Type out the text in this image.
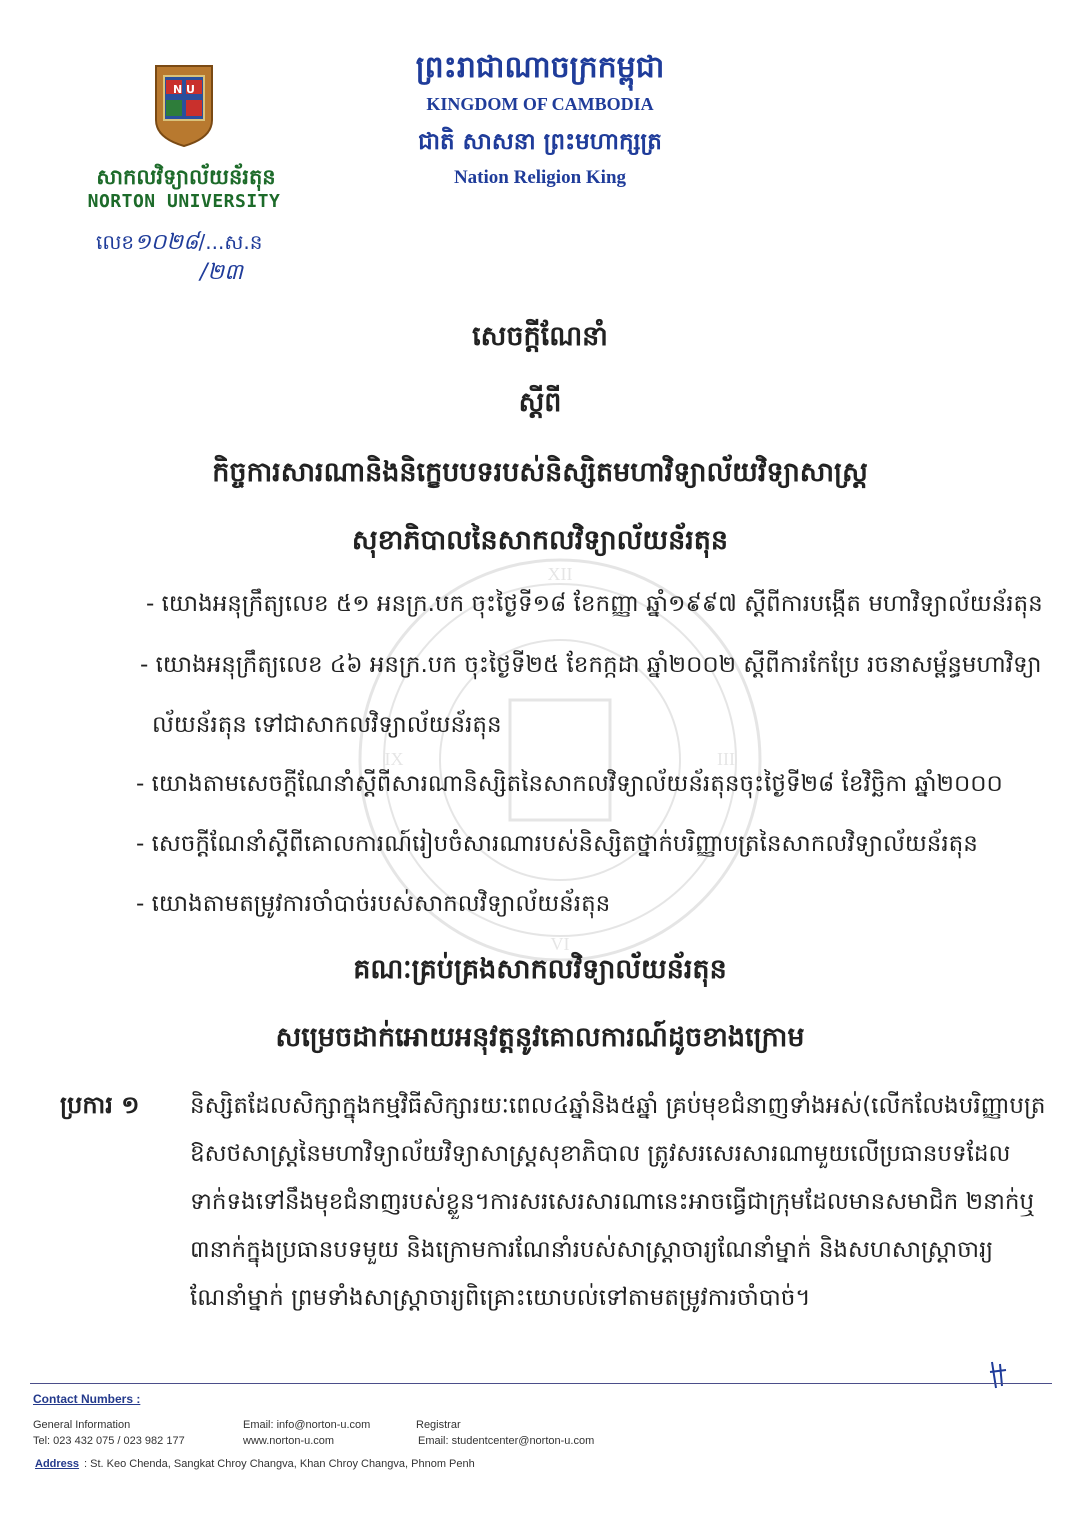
XII
VI
IX	III
N U
សាកលវិទ្យាល័យន័រតុន
NORTON UNIVERSITY
លេខ១០២៨/...ស.ន
/២៣
ព្រះរាជាណាចក្រកម្ពុជា
KINGDOM OF CAMBODIA
ជាតិ សាសនា ព្រះមហាក្សត្រ
Nation Religion King
សេចក្តីណែនាំ
ស្តីពី
កិច្ចការសារណានិងនិក្ខេបបទរបស់និស្សិតមហាវិទ្យាល័យវិទ្យាសាស្ត្រ
សុខាភិបាលនៃសាកលវិទ្យាល័យន័រតុន
- យោងអនុក្រឹត្យលេខ ៥១ អនក្រ.បក ចុះថ្ងៃទី១៨ ខែកញ្ញា ឆ្នាំ១៩៩៧ ស្តីពីការបង្កើត មហាវិទ្យាល័យន័រតុន
- យោងអនុក្រឹត្យលេខ ៤៦ អនក្រ.បក ចុះថ្ងៃទី២៥ ខែកក្កដា ឆ្នាំ២០០២ ស្តីពីការកែប្រែ រចនាសម្ព័ន្ធមហាវិទ្យា
ល័យន័រតុន ទៅជាសាកលវិទ្យាល័យន័រតុន
- យោងតាមសេចក្តីណែនាំស្តីពីសារណានិស្សិតនៃសាកលវិទ្យាល័យន័រតុនចុះថ្ងៃទី២៨ ខែវិច្ឆិកា ឆ្នាំ២០០០
- សេចក្តីណែនាំស្តីពីគោលការណ៍រៀបចំសារណារបស់និស្សិតថ្នាក់បរិញ្ញាបត្រនៃសាកលវិទ្យាល័យន័រតុន
- យោងតាមតម្រូវការចាំបាច់របស់សាកលវិទ្យាល័យន័រតុន
គណៈគ្រប់គ្រងសាកលវិទ្យាល័យន័រតុន
សម្រេចដាក់អោយអនុវត្តនូវគោលការណ៍ដូចខាងក្រោម
ប្រការ ១ និស្សិតដែលសិក្សាក្នុងកម្មវិធីសិក្សារយៈពេល៤ឆ្នាំនិង៥ឆ្នាំ គ្រប់មុខជំនាញទាំងអស់(លើកលែងបរិញ្ញាបត្រ
ឱសថសាស្ត្រនៃមហាវិទ្យាល័យវិទ្យាសាស្ត្រសុខាភិបាល ត្រូវសរសេរសារណាមួយលើប្រធានបទដែល
ទាក់ទងទៅនឹងមុខជំនាញរបស់ខ្លួន។ការសរសេរសារណានេះអាចធ្វើជាក្រុមដែលមានសមាជិក ២នាក់ឬ
៣នាក់ក្នុងប្រធានបទមួយ និងក្រោមការណែនាំរបស់សាស្ត្រាចារ្យណែនាំម្នាក់ និងសហសាស្ត្រាចារ្យ
ណែនាំម្នាក់ ព្រមទាំងសាស្ត្រាចារ្យពិគ្រោះយោបល់ទៅតាមតម្រូវការចាំបាច់។
Contact Numbers :
General Information
Tel: 023 432 075 / 023 982 177
Email: info@norton-u.com
www.norton-u.com
Registrar
Email: studentcenter@norton-u.com
Address : St. Keo Chenda, Sangkat Chroy Changva, Khan Chroy Changva, Phnom Penh
